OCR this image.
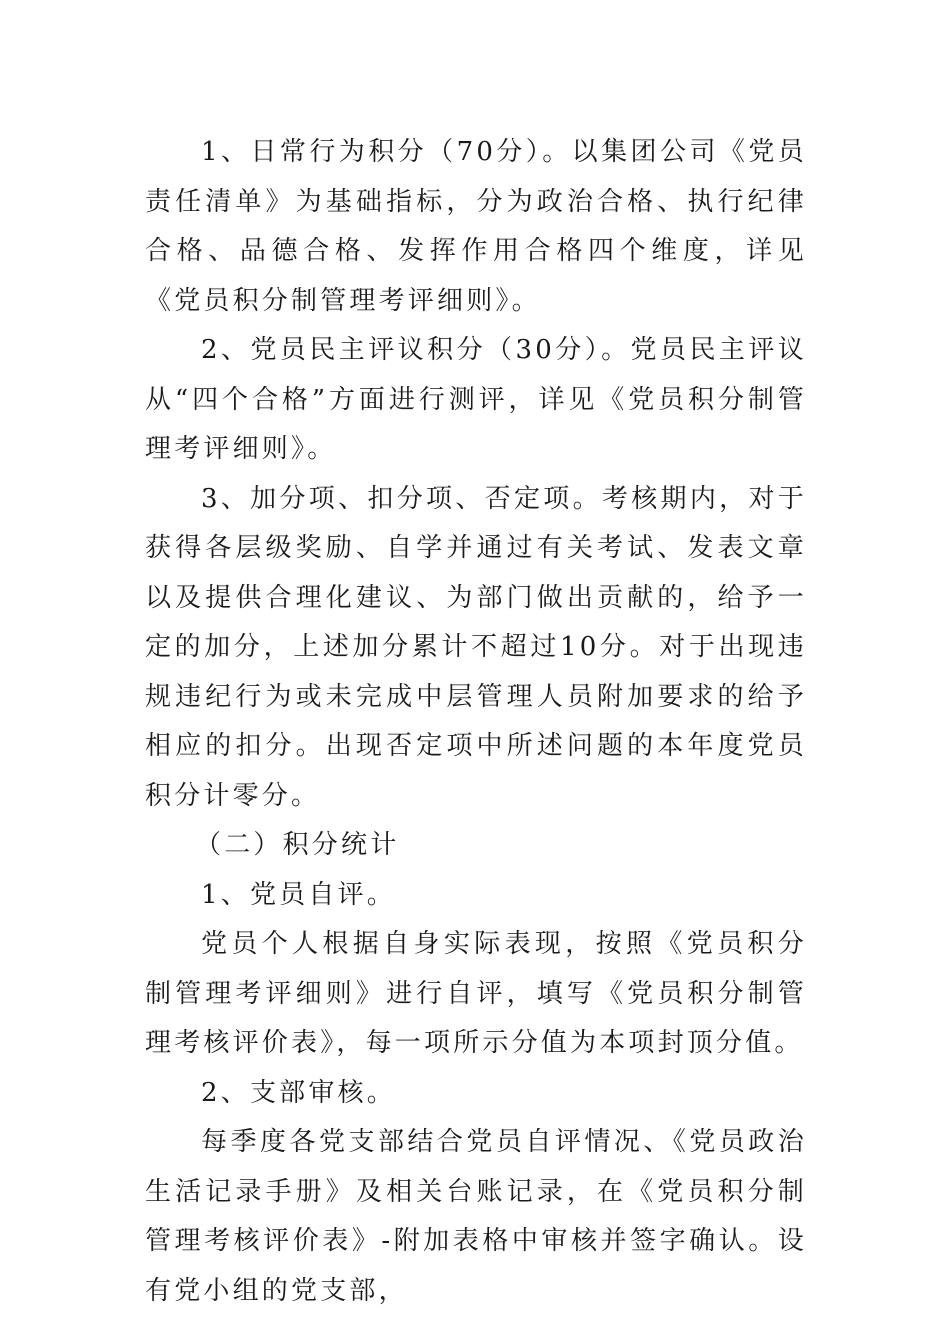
1、日常行为积分（70分）。以集团公司《党员责任清单》为基础指标，分为政治合格、执行纪律合格、品德合格、发挥作用合格四个维度，详见《党员积分制管理考评细则》。

2、党员民主评议积分（30分）。党员民主评议从“四个合格”方面进行测评，详见《党员积分制管理考评细则》。

3、加分项、扣分项、否定项。考核期内，对于获得各层级奖励、自学并通过有关考试、发表文章以及提供合理化建议、为部门做出贡献的，给予一定的加分，上述加分累计不超过10分。对于出现违规违纪行为或未完成中层管理人员附加要求的给予相应的扣分。出现否定项中所述问题的本年度党员积分计零分。

（二）积分统计

1、党员自评。

党员个人根据自身实际表现，按照《党员积分制管理考评细则》进行自评，填写《党员积分制管理考核评价表》，每一项所示分值为本项封顶分值。

2、支部审核。

每季度各党支部结合党员自评情况、《党员政治生活记录手册》及相关台账记录，在《党员积分制管理考核评价表》-附加表格中审核并签字确认。设有党小组的党支部，
